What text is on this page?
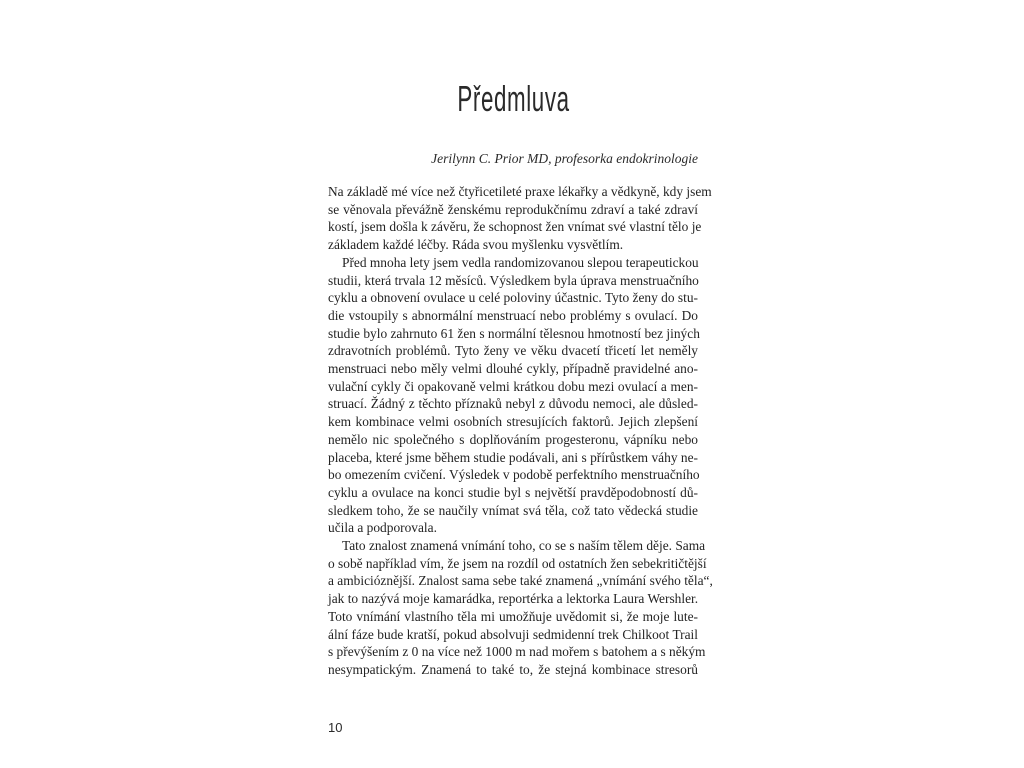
Předmluva

Jerilynn C. Prior MD, profesorka endokrinologie

Na základě mé více než čtyřicetileté praxe lékařky a vědkyně, kdy jsem
se věnovala převážně ženskému reprodukčnímu zdraví a také zdraví
kostí, jsem došla k závěru, že schopnost žen vnímat své vlastní tělo je
základem každé léčby. Ráda svou myšlenku vysvětlím.
Před mnoha lety jsem vedla randomizovanou slepou terapeutickou
studii, která trvala 12 měsíců. Výsledkem byla úprava menstruačního
cyklu a obnovení ovulace u celé poloviny účastnic. Tyto ženy do stu-
die vstoupily s abnormální menstruací nebo problémy s ovulací. Do
studie bylo zahrnuto 61 žen s normální tělesnou hmotností bez jiných
zdravotních problémů. Tyto ženy ve věku dvacetí třicetí let neměly
menstruaci nebo měly velmi dlouhé cykly, případně pravidelné ano-
vulační cykly či opakovaně velmi krátkou dobu mezi ovulací a men-
struací. Žádný z těchto příznaků nebyl z důvodu nemoci, ale důsled-
kem kombinace velmi osobních stresujících faktorů. Jejich zlepšení
nemělo nic společného s doplňováním progesteronu, vápníku nebo
placeba, které jsme během studie podávali, ani s přírůstkem váhy ne-
bo omezením cvičení. Výsledek v podobě perfektního menstruačního
cyklu a ovulace na konci studie byl s největší pravděpodobností dů-
sledkem toho, že se naučily vnímat svá těla, což tato vědecká studie
učila a podporovala.
Tato znalost znamená vnímání toho, co se s naším tělem děje. Sama
o sobě například vím, že jsem na rozdíl od ostatních žen sebekritičtější
a ambicióznější. Znalost sama sebe také znamená „vnímání svého těla“,
jak to nazývá moje kamarádka, reportérka a lektorka Laura Wershler.
Toto vnímání vlastního těla mi umožňuje uvědomit si, že moje lute-
ální fáze bude kratší, pokud absolvuji sedmidenní trek Chilkoot Trail
s převýšením z 0 na více než 1000 m nad mořem s batohem a s někým
nesympatickým. Znamená to také to, že stejná kombinace stresorů

10
